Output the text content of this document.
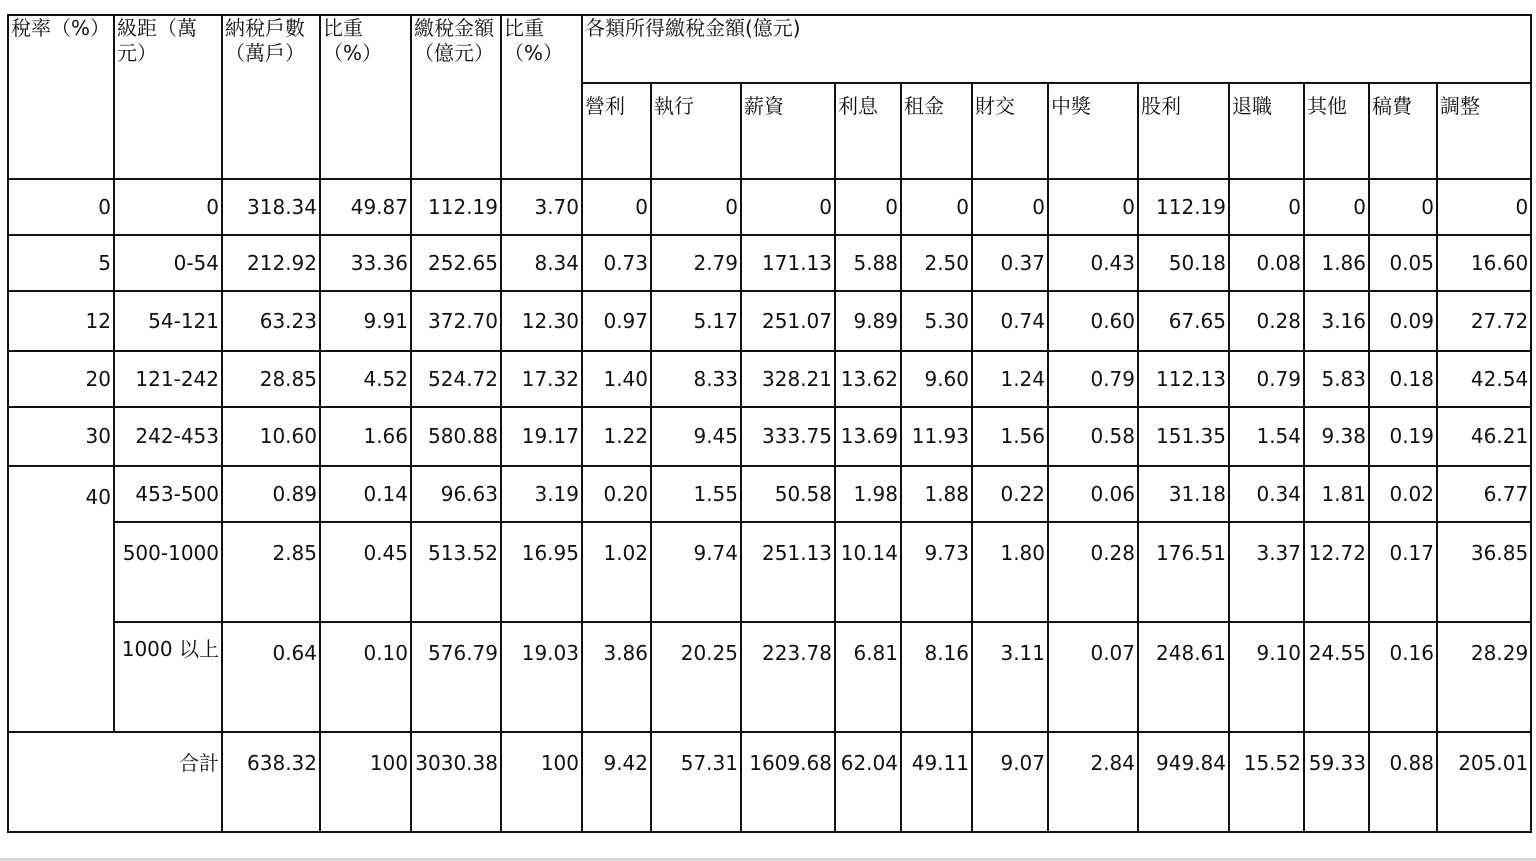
稅率（%）	級距（萬元）	納稅戶數（萬戶）	比重（%）	繳稅金額（億元）	比重（%）	各類所得繳稅金額(億元)											
						營利	執行	薪資	利息	租金	財交	中獎	股利	退職	其他	稿費	調整
0	0	318.34	49.87	112.19	3.70	0	0	0	0	0	0	0	112.19	0	0	0	0
5	0-54	212.92	33.36	252.65	8.34	0.73	2.79	171.13	5.88	2.50	0.37	0.43	50.18	0.08	1.86	0.05	16.60
12	54-121	63.23	9.91	372.70	12.30	0.97	5.17	251.07	9.89	5.30	0.74	0.60	67.65	0.28	3.16	0.09	27.72
20	121-242	28.85	4.52	524.72	17.32	1.40	8.33	328.21	13.62	9.60	1.24	0.79	112.13	0.79	5.83	0.18	42.54
30	242-453	10.60	1.66	580.88	19.17	1.22	9.45	333.75	13.69	11.93	1.56	0.58	151.35	1.54	9.38	0.19	46.21
40	453-500	0.89	0.14	96.63	3.19	0.20	1.55	50.58	1.98	1.88	0.22	0.06	31.18	0.34	1.81	0.02	6.77
	500-1000	2.85	0.45	513.52	16.95	1.02	9.74	251.13	10.14	9.73	1.80	0.28	176.51	3.37	12.72	0.17	36.85
	1000 以上	0.64	0.10	576.79	19.03	3.86	20.25	223.78	6.81	8.16	3.11	0.07	248.61	9.10	24.55	0.16	28.29
合計		638.32	100	3030.38	100	9.42	57.31	1609.68	62.04	49.11	9.07	2.84	949.84	15.52	59.33	0.88	205.01
